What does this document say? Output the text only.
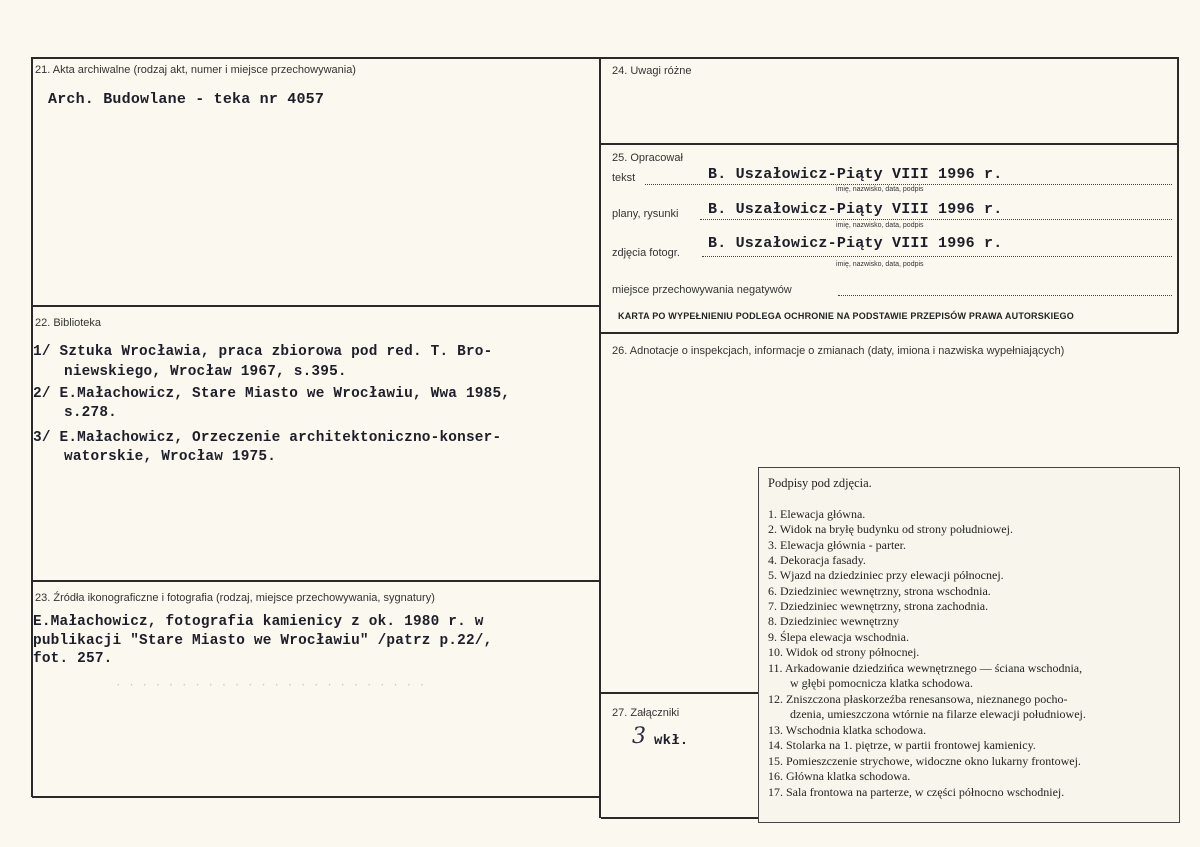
· · · · · · · · · · · · · · · · · · · · · · · ·
21. Akta archiwalne (rodzaj akt, numer i miejsce przechowywania)
Arch. Budowlane - teka nr 4057
22. Biblioteka
1/ Sztuka Wrocławia, praca zbiorowa pod red. T. Bro-
niewskiego, Wrocław 1967, s.395.
2/ E.Małachowicz, Stare Miasto we Wrocławiu, Wwa 1985,
s.278.
3/ E.Małachowicz, Orzeczenie architektoniczno-konser-
watorskie, Wrocław 1975.
23. Źródła ikonograficzne i fotografia (rodzaj, miejsce przechowywania, sygnatury)
E.Małachowicz, fotografia kamienicy z ok. 1980 r. w
publikacji "Stare Miasto we Wrocławiu" /patrz p.22/,
fot. 257.
24. Uwagi różne
25. Opracował
tekst	B. Uszałowicz-Piąty VIII 1996 r.
imię, nazwisko, data, podpis
plany, rysunki B. Uszałowicz-Piąty VIII 1996 r.
imię, nazwisko, data, podpis
zdjęcia fotogr.
B. Uszałowicz-Piąty VIII 1996 r.
imię, nazwisko, data, podpis
miejsce przechowywania negatywów
KARTA PO WYPEŁNIENIU PODLEGA OCHRONIE NA PODSTAWIE PRZEPISÓW PRAWA AUTORSKIEGO
26. Adnotacje o inspekcjach, informacje o zmianach (daty, imiona i nazwiska wypełniających)
27. Załączniki
3 wkł.
Podpisy pod zdjęcia.
1. Elewacja główna.
2. Widok na bryłę budynku od strony południowej.
3. Elewacja głównia - parter.
4. Dekoracja fasady.
5. Wjazd na dziedziniec przy elewacji północnej.
6. Dziedziniec wewnętrzny, strona wschodnia.
7. Dziedziniec wewnętrzny, strona zachodnia.
8. Dziedziniec wewnętrzny
9. Ślepa elewacja wschodnia.
10. Widok od strony północnej.
11. Arkadowanie dziedzińca wewnętrznego — ściana wschodnia,
w głębi pomocnicza klatka schodowa.
12. Zniszczona płaskorzeźba renesansowa, nieznanego pocho-
dzenia, umieszczona wtórnie na filarze elewacji południowej.
13. Wschodnia klatka schodowa.
14. Stolarka na 1. piętrze, w partii frontowej kamienicy.
15. Pomieszczenie strychowe, widoczne okno lukarny frontowej.
16. Główna klatka schodowa.
17. Sala frontowa na parterze, w części północno wschodniej.
